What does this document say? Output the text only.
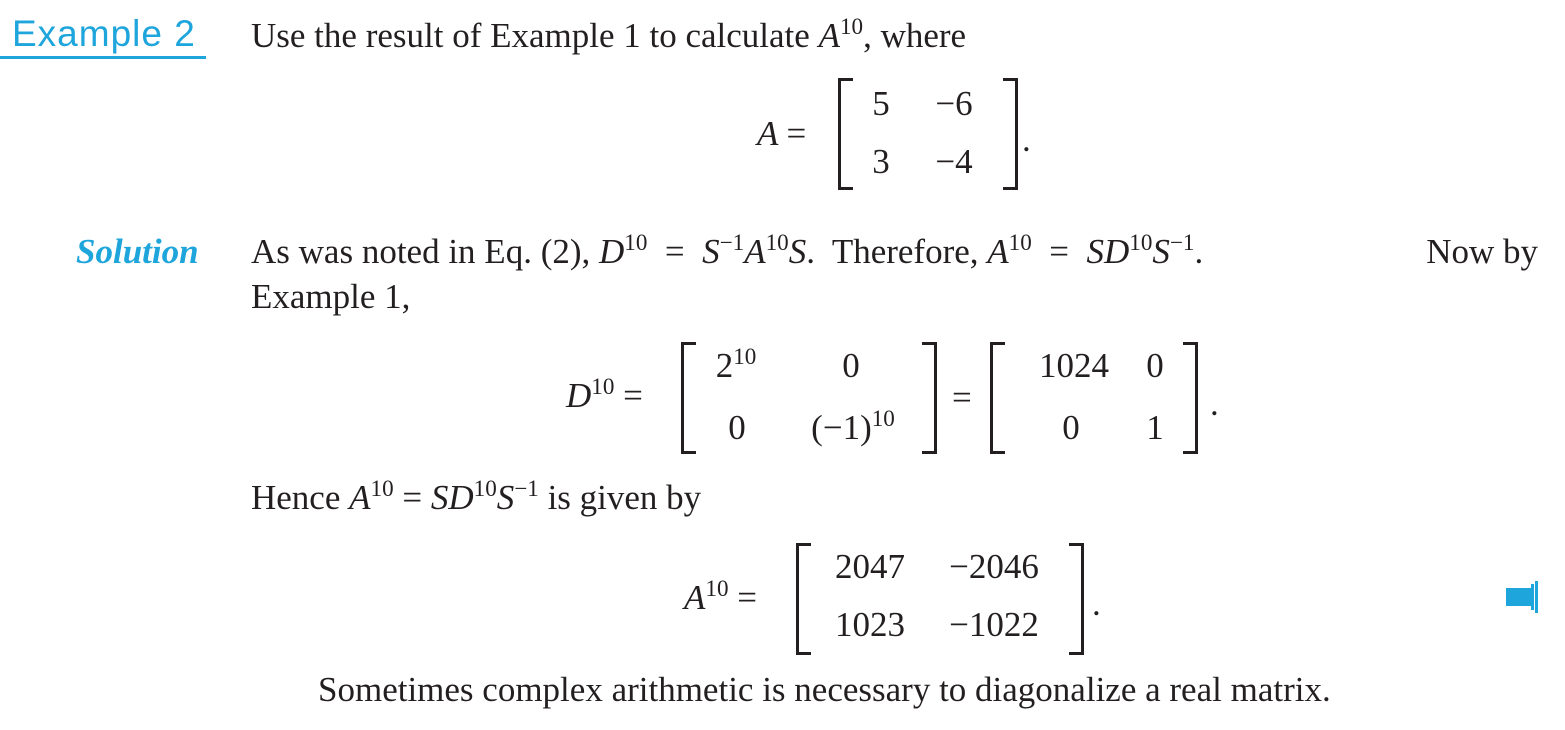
Example 2 Use the result of Example 1 to calculate $A^{10}$, where
A =
5 −6
3 −4
.
Solution As was noted in Eq. (2), $D^{10} = S^{-1}A^{10}S$.  Therefore, $A^{10} = SD^{10}S^{-1}$.	Now by
Example 1,
$D^{10}$ =
$2^{10}$	0
0	$(-1)^{10}$
=
1024 0
0 1
.
Hence $A^{10} = SD^{10}S^{-1}$ is given by
$A^{10}$ =
2047	−2046
1023	−1022
.
Sometimes complex arithmetic is necessary to diagonalize a real matrix.
